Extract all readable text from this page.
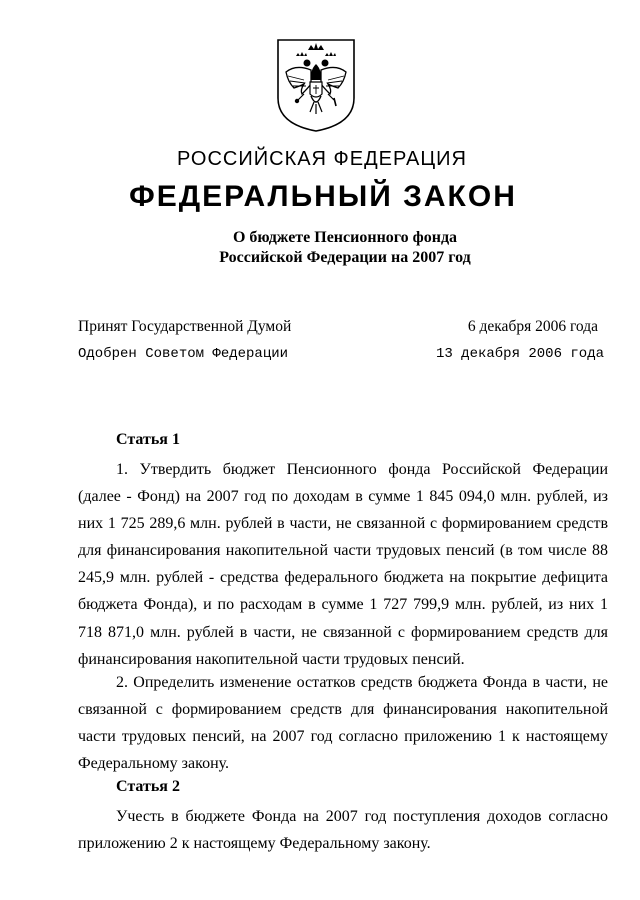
РОССИЙСКАЯ ФЕДЕРАЦИЯ
ФЕДЕРАЛЬНЫЙ ЗАКОН
О бюджете Пенсионного фонда
Российской Федерации на 2007 год
Принят Государственной Думой	6 декабря 2006 года
Одобрен Советом Федерации	13 декабря 2006 года
Статья 1

1. Утвердить бюджет Пенсионного фонда Российской Федерации (далее - Фонд) на 2007 год по доходам в сумме 1 845 094,0 млн. рублей, из них 1 725 289,6 млн. рублей в части, не связанной с формированием средств для финансирования накопительной части трудовых пенсий (в том числе 88 245,9 млн. рублей - средства федерального бюджета на покрытие дефицита бюджета Фонда), и по расходам в сумме 1 727 799,9 млн. рублей, из них 1 718 871,0 млн. рублей в части, не связанной с формированием средств для финансирования накопительной части трудовых пенсий.

2. Определить изменение остатков средств бюджета Фонда в части, не связанной с формированием средств для финансирования накопительной части трудовых пенсий, на 2007 год согласно приложению 1 к настоящему Федеральному закону.

Статья 2

Учесть в бюджете Фонда на 2007 год поступления доходов согласно приложению 2 к настоящему Федеральному закону.
